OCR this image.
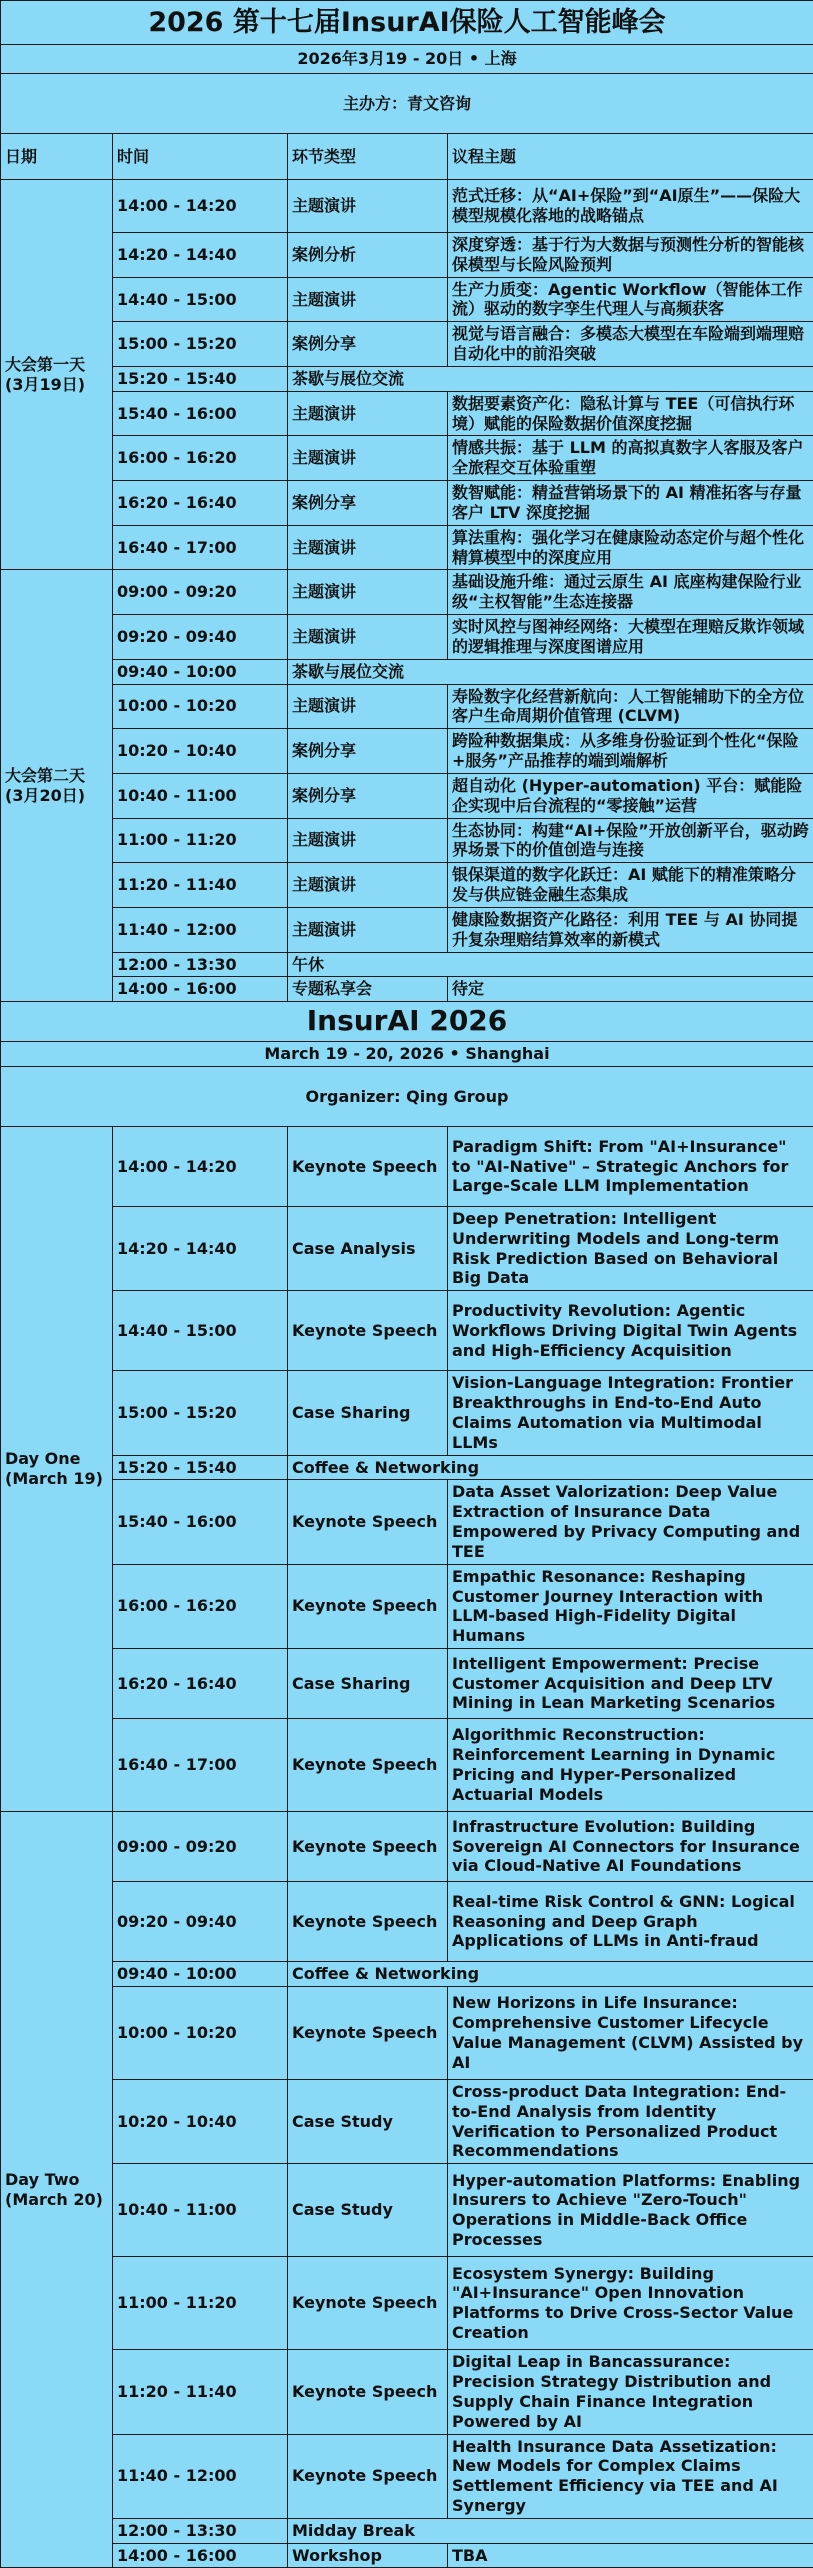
2026 第十七届InsurAI保险人工智能峰会			
2026年3月19 - 20日 • 上海			
主办方：青文咨询			
日期	时间	环节类型	议程主题
大会第一天
(3月19日)	14:00 - 14:20	主题演讲	范式迁移：从“AI+保险”到“AI原生”——保险大模型规模化落地的战略锚点
	14:20 - 14:40	案例分析	深度穿透：基于行为大数据与预测性分析的智能核保模型与长险风险预判
	14:40 - 15:00	主题演讲	生产力质变：Agentic Workflow（智能体工作流）驱动的数字孪生代理人与高频获客
	15:00 - 15:20	案例分享	视觉与语言融合：多模态大模型在车险端到端理赔自动化中的前沿突破
	15:20 - 15:40	茶歇与展位交流	
	15:40 - 16:00	主题演讲	数据要素资产化：隐私计算与 TEE（可信执行环境）赋能的保险数据价值深度挖掘
	16:00 - 16:20	主题演讲	情感共振：基于 LLM 的高拟真数字人客服及客户全旅程交互体验重塑
	16:20 - 16:40	案例分享	数智赋能：精益营销场景下的 AI 精准拓客与存量客户 LTV 深度挖掘
	16:40 - 17:00	主题演讲	算法重构：强化学习在健康险动态定价与超个性化精算模型中的深度应用
大会第二天
(3月20日)	09:00 - 09:20	主题演讲	基础设施升维：通过云原生 AI 底座构建保险行业级“主权智能”生态连接器
	09:20 - 09:40	主题演讲	实时风控与图神经网络：大模型在理赔反欺诈领域的逻辑推理与深度图谱应用
	09:40 - 10:00	茶歇与展位交流	
	10:00 - 10:20	主题演讲	寿险数字化经营新航向：人工智能辅助下的全方位客户生命周期价值管理 (CLVM)
	10:20 - 10:40	案例分享	跨险种数据集成：从多维身份验证到个性化“保险+服务”产品推荐的端到端解析
	10:40 - 11:00	案例分享	超自动化 (Hyper-automation) 平台：赋能险企实现中后台流程的“零接触”运营
	11:00 - 11:20	主题演讲	生态协同：构建“AI+保险”开放创新平台，驱动跨界场景下的价值创造与连接
	11:20 - 11:40	主题演讲	银保渠道的数字化跃迁：AI 赋能下的精准策略分发与供应链金融生态集成
	11:40 - 12:00	主题演讲	健康险数据资产化路径：利用 TEE 与 AI 协同提升复杂理赔结算效率的新模式
	12:00 - 13:30	午休	
	14:00 - 16:00	专题私享会	待定
InsurAI 2026			
March 19 - 20, 2026 • Shanghai			
Organizer: Qing Group			
Day One
(March 19)	14:00 - 14:20	Keynote Speech	Paradigm Shift: From "AI+Insurance" to "AI-Native" – Strategic Anchors for Large-Scale LLM Implementation
	14:20 - 14:40	Case Analysis	Deep Penetration: Intelligent Underwriting Models and Long-term Risk Prediction Based on Behavioral Big Data
	14:40 - 15:00	Keynote Speech	Productivity Revolution: Agentic Workflows Driving Digital Twin Agents and High-Efficiency Acquisition
	15:00 - 15:20	Case Sharing	Vision-Language Integration: Frontier Breakthroughs in End-to-End Auto Claims Automation via Multimodal LLMs
	15:20 - 15:40	Coffee & Networking	
	15:40 - 16:00	Keynote Speech	Data Asset Valorization: Deep Value Extraction of Insurance Data Empowered by Privacy Computing and TEE
	16:00 - 16:20	Keynote Speech	Empathic Resonance: Reshaping Customer Journey Interaction with LLM-based High-Fidelity Digital Humans
	16:20 - 16:40	Case Sharing	Intelligent Empowerment: Precise Customer Acquisition and Deep LTV Mining in Lean Marketing Scenarios
	16:40 - 17:00	Keynote Speech	Algorithmic Reconstruction: Reinforcement Learning in Dynamic Pricing and Hyper-Personalized Actuarial Models
Day Two
(March 20)	09:00 - 09:20	Keynote Speech	Infrastructure Evolution: Building Sovereign AI Connectors for Insurance via Cloud-Native AI Foundations
	09:20 - 09:40	Keynote Speech	Real-time Risk Control & GNN: Logical Reasoning and Deep Graph Applications of LLMs in Anti-fraud
	09:40 - 10:00	Coffee & Networking	
	10:00 - 10:20	Keynote Speech	New Horizons in Life Insurance: Comprehensive Customer Lifecycle Value Management (CLVM) Assisted by AI
	10:20 - 10:40	Case Study	Cross-product Data Integration: End-to-End Analysis from Identity Verification to Personalized Product Recommendations
	10:40 - 11:00	Case Study	Hyper-automation Platforms: Enabling Insurers to Achieve "Zero-Touch" Operations in Middle-Back Office Processes
	11:00 - 11:20	Keynote Speech	Ecosystem Synergy: Building "AI+Insurance" Open Innovation Platforms to Drive Cross-Sector Value Creation
	11:20 - 11:40	Keynote Speech	Digital Leap in Bancassurance: Precision Strategy Distribution and Supply Chain Finance Integration Powered by AI
	11:40 - 12:00	Keynote Speech	Health Insurance Data Assetization: New Models for Complex Claims Settlement Efficiency via TEE and AI Synergy
	12:00 - 13:30	Midday Break	
	14:00 - 16:00	Workshop	TBA
